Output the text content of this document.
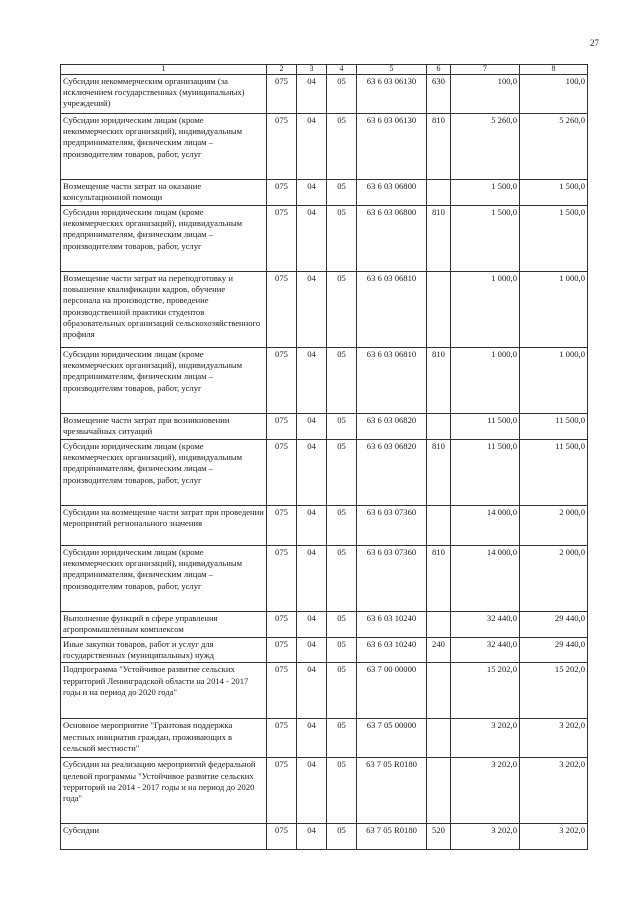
27
1	2	3	4	5	6	7	8
Субсидии некоммерческим организациям (за исключением государственных (муниципальных) учреждений)	075	04	05	63 6 03 06130	630	100,0	100,0
Субсидии юридическим лицам (кроме некоммерческих организаций), индивидуальным предпринимателям, физическим лицам – производителям товаров, работ, услуг	075	04	05	63 6 03 06130	810	5 260,0	5 260,0
Возмещение части затрат на оказание консультационной помощи	075	04	05	63 6 03 06800		1 500,0	1 500,0
Субсидии юридическим лицам (кроме некоммерческих организаций), индивидуальным предпринимателям, физическим лицам – производителям товаров, работ, услуг	075	04	05	63 6 03 06800	810	1 500,0	1 500,0
Возмещение части затрат на переподготовку и повышение квалификации кадров, обучение персонала на производстве, проведение производственной практики студентов образовательных организаций сельскохозяйственного профиля	075	04	05	63 6 03 06810		1 000,0	1 000,0
Субсидии юридическим лицам (кроме некоммерческих организаций), индивидуальным предпринимателям, физическим лицам – производителям товаров, работ, услуг	075	04	05	63 6 03 06810	810	1 000,0	1 000,0
Возмещение части затрат при возникновении чрезвычайных ситуаций	075	04	05	63 6 03 06820		11 500,0	11 500,0
Субсидии юридическим лицам (кроме некоммерческих организаций), индивидуальным предпринимателям, физическим лицам – производителям товаров, работ, услуг	075	04	05	63 6 03 06820	810	11 500,0	11 500,0
Субсидии на возмещение части затрат при проведении мероприятий регионального значения	075	04	05	63 6 03 07360		14 000,0	2 000,0
Субсидии юридическим лицам (кроме некоммерческих организаций), индивидуальным предпринимателям, физическим лицам – производителям товаров, работ, услуг	075	04	05	63 6 03 07360	810	14 000,0	2 000,0
Выполнение функций в сфере управления агропромышленным комплексом	075	04	05	63 6 03 10240		32 440,0	29 440,0
Иные закупки товаров, работ и услуг для государственных (муниципальных) нужд	075	04	05	63 6 03 10240	240	32 440,0	29 440,0
Подпрограмма "Устойчивое развитие сельских территорий Ленинградской области на 2014 - 2017 годы и на период до 2020 года"	075	04	05	63 7 00 00000		15 202,0	15 202,0
Основное мероприятие "Грантовая поддержка местных инициатив граждан, проживающих в сельской местности"	075	04	05	63 7 05 00000		3 202,0	3 202,0
Субсидии на реализацию мероприятий федеральной целевой программы "Устойчивое развитие сельских территорий на 2014 - 2017 годы и на период до 2020 года"	075	04	05	63 7 05 R0180		3 202,0	3 202,0
Субсидии	075	04	05	63 7 05 R0180	520	3 202,0	3 202,0
